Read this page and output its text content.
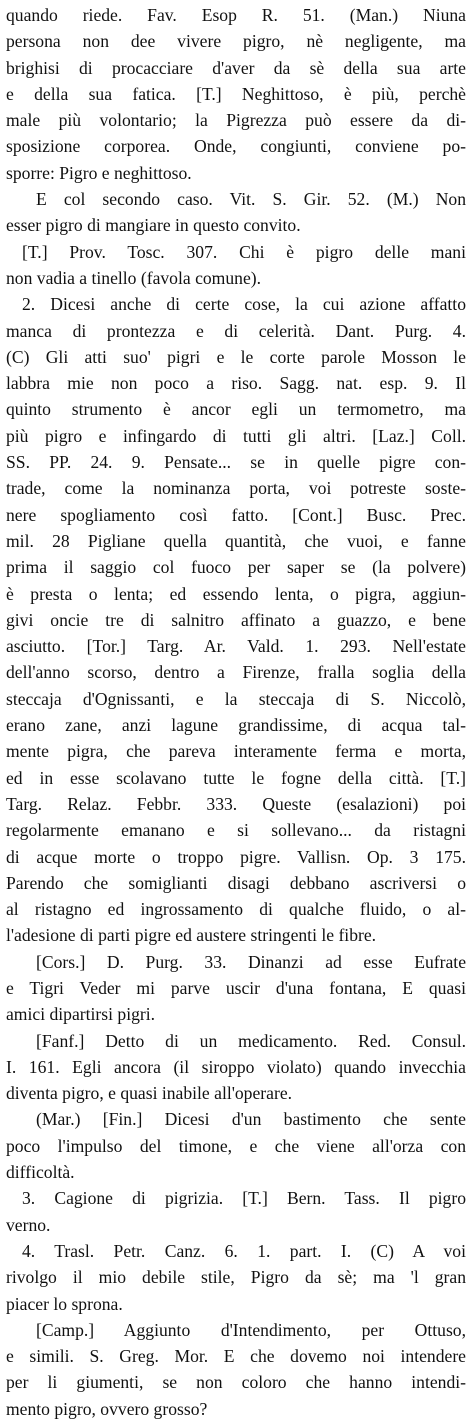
quando riede. Fav. Esop R. 51. (Man.) Niuna
persona non dee vivere pigro, nè negligente, ma
brighisi di procacciare d'aver da sè della sua arte
e della sua fatica. [T.] Neghittoso, è più, perchè
male più volontario; la Pigrezza può essere da di-
sposizione corporea. Onde, congiunti, conviene po-
sporre: Pigro e neghittoso.
E col secondo caso. Vit. S. Gir. 52. (M.) Non
esser pigro di mangiare in questo convito.
[T.] Prov. Tosc. 307. Chi è pigro delle mani
non vadia a tinello (favola comune).
2. Dicesi anche di certe cose, la cui azione affatto
manca di prontezza e di celerità. Dant. Purg. 4.
(C) Gli atti suo' pigri e le corte parole Mosson le
labbra mie non poco a riso. Sagg. nat. esp. 9. Il
quinto strumento è ancor egli un termometro, ma
più pigro e infingardo di tutti gli altri. [Laz.] Coll.
SS. PP. 24. 9. Pensate... se in quelle pigre con-
trade, come la nominanza porta, voi potreste soste-
nere spogliamento così fatto. [Cont.] Busc. Prec.
mil. 28 Pigliane quella quantità, che vuoi, e fanne
prima il saggio col fuoco per saper se (la polvere)
è presta o lenta; ed essendo lenta, o pigra, aggiun-
givi oncie tre di salnitro affinato a guazzo, e bene
asciutto. [Tor.] Targ. Ar. Vald. 1. 293. Nell'estate
dell'anno scorso, dentro a Firenze, fralla soglia della
steccaja d'Ognissanti, e la steccaja di S. Niccolò,
erano zane, anzi lagune grandissime, di acqua tal-
mente pigra, che pareva interamente ferma e morta,
ed in esse scolavano tutte le fogne della città. [T.]
Targ. Relaz. Febbr. 333. Queste (esalazioni) poi
regolarmente emanano e si sollevano... da ristagni
di acque morte o troppo pigre. Vallisn. Op. 3 175.
Parendo che somiglianti disagi debbano ascriversi o
al ristagno ed ingrossamento di qualche fluido, o al-
l'adesione di parti pigre ed austere stringenti le fibre.
[Cors.] D. Purg. 33. Dinanzi ad esse Eufrate
e Tigri Veder mi parve uscir d'una fontana, E quasi
amici dipartirsi pigri.
[Fanf.] Detto di un medicamento. Red. Consul.
I. 161. Egli ancora (il siroppo violato) quando invecchia
diventa pigro, e quasi inabile all'operare.
(Mar.) [Fin.] Dicesi d'un bastimento che sente
poco l'impulso del timone, e che viene all'orza con
difficoltà.
3. Cagione di pigrizia. [T.] Bern. Tass. Il pigro
verno.
4. Trasl. Petr. Canz. 6. 1. part. I. (C) A voi
rivolgo il mio debile stile, Pigro da sè; ma 'l gran
piacer lo sprona.
[Camp.] Aggiunto d'Intendimento, per Ottuso,
e simili. S. Greg. Mor. E che dovemo noi intendere
per li giumenti, se non coloro che hanno intendi-
mento pigro, ovvero grosso?
